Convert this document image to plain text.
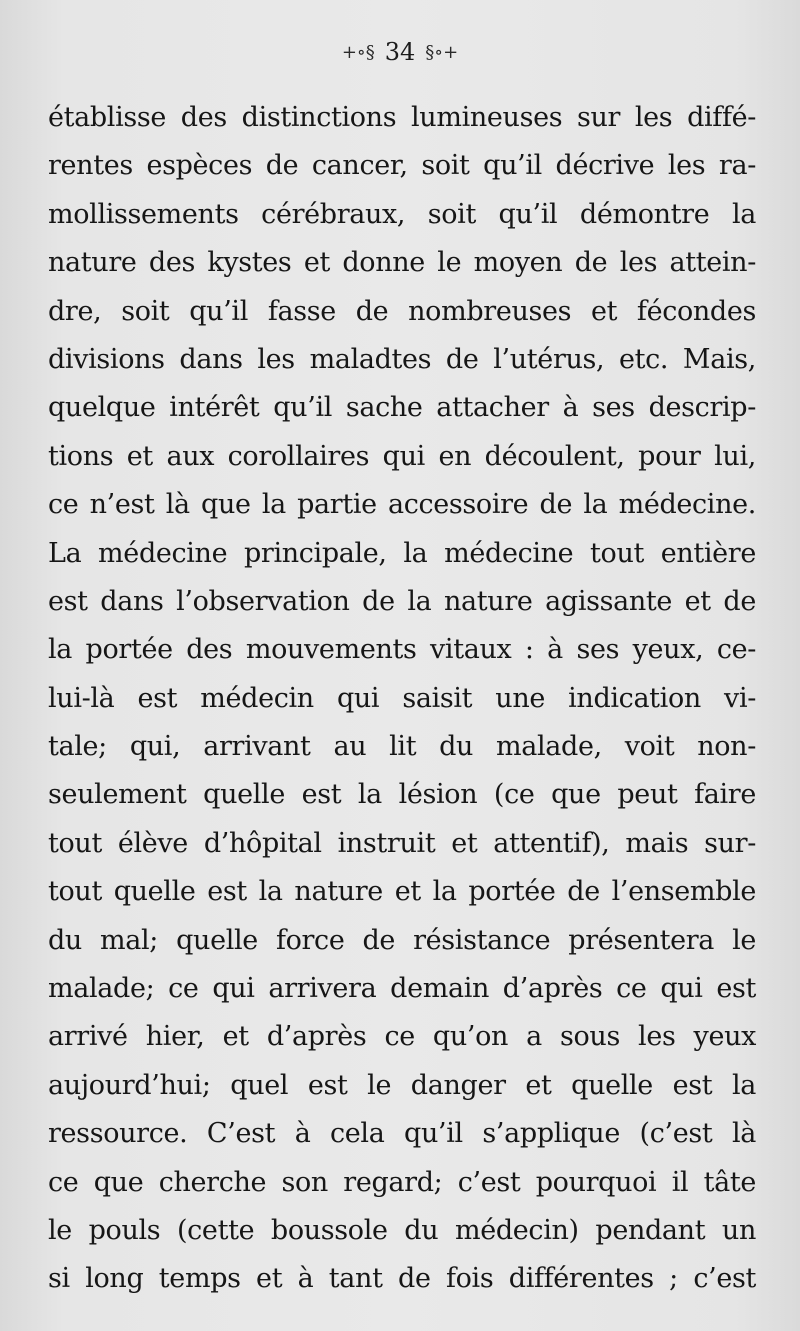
+∘§ 34 §∘+
établisse des distinctions lumineuses sur les diffé-
rentes espèces de cancer, soit qu’il décrive les ra-
mollissements cérébraux, soit qu’il démontre la
nature des kystes et donne le moyen de les attein-
dre, soit qu’il fasse de nombreuses et fécondes
divisions dans les maladtes de l’utérus, etc. Mais,
quelque intérêt qu’il sache attacher à ses descrip-
tions et aux corollaires qui en découlent, pour lui,
ce n’est là que la partie accessoire de la médecine.
La médecine principale, la médecine tout entière
est dans l’observation de la nature agissante et de
la portée des mouvements vitaux : à ses yeux, ce-
lui-là est médecin qui saisit une indication vi-
tale; qui, arrivant au lit du malade, voit non-
seulement quelle est la lésion (ce que peut faire
tout élève d’hôpital instruit et attentif), mais sur-
tout quelle est la nature et la portée de l’ensemble
du mal; quelle force de résistance présentera le
malade; ce qui arrivera demain d’après ce qui est
arrivé hier, et d’après ce qu’on a sous les yeux
aujourd’hui; quel est le danger et quelle est la
ressource. C’est à cela qu’il s’applique (c’est là
ce que cherche son regard; c’est pourquoi il tâte
le pouls (cette boussole du médecin) pendant un
si long temps et à tant de fois différentes ; c’est
